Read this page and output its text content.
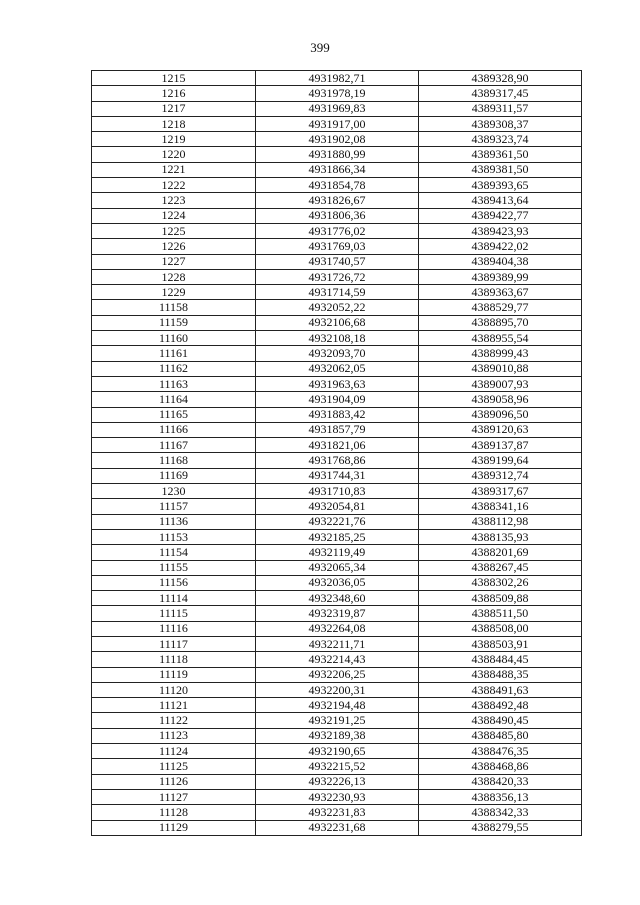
399
1215	4931982,71	4389328,90
1216	4931978,19	4389317,45
1217	4931969,83	4389311,57
1218	4931917,00	4389308,37
1219	4931902,08	4389323,74
1220	4931880,99	4389361,50
1221	4931866,34	4389381,50
1222	4931854,78	4389393,65
1223	4931826,67	4389413,64
1224	4931806,36	4389422,77
1225	4931776,02	4389423,93
1226	4931769,03	4389422,02
1227	4931740,57	4389404,38
1228	4931726,72	4389389,99
1229	4931714,59	4389363,67
11158	4932052,22	4388529,77
11159	4932106,68	4388895,70
11160	4932108,18	4388955,54
11161	4932093,70	4388999,43
11162	4932062,05	4389010,88
11163	4931963,63	4389007,93
11164	4931904,09	4389058,96
11165	4931883,42	4389096,50
11166	4931857,79	4389120,63
11167	4931821,06	4389137,87
11168	4931768,86	4389199,64
11169	4931744,31	4389312,74
1230	4931710,83	4389317,67
11157	4932054,81	4388341,16
11136	4932221,76	4388112,98
11153	4932185,25	4388135,93
11154	4932119,49	4388201,69
11155	4932065,34	4388267,45
11156	4932036,05	4388302,26
11114	4932348,60	4388509,88
11115	4932319,87	4388511,50
11116	4932264,08	4388508,00
11117	4932211,71	4388503,91
11118	4932214,43	4388484,45
11119	4932206,25	4388488,35
11120	4932200,31	4388491,63
11121	4932194,48	4388492,48
11122	4932191,25	4388490,45
11123	4932189,38	4388485,80
11124	4932190,65	4388476,35
11125	4932215,52	4388468,86
11126	4932226,13	4388420,33
11127	4932230,93	4388356,13
11128	4932231,83	4388342,33
11129	4932231,68	4388279,55
